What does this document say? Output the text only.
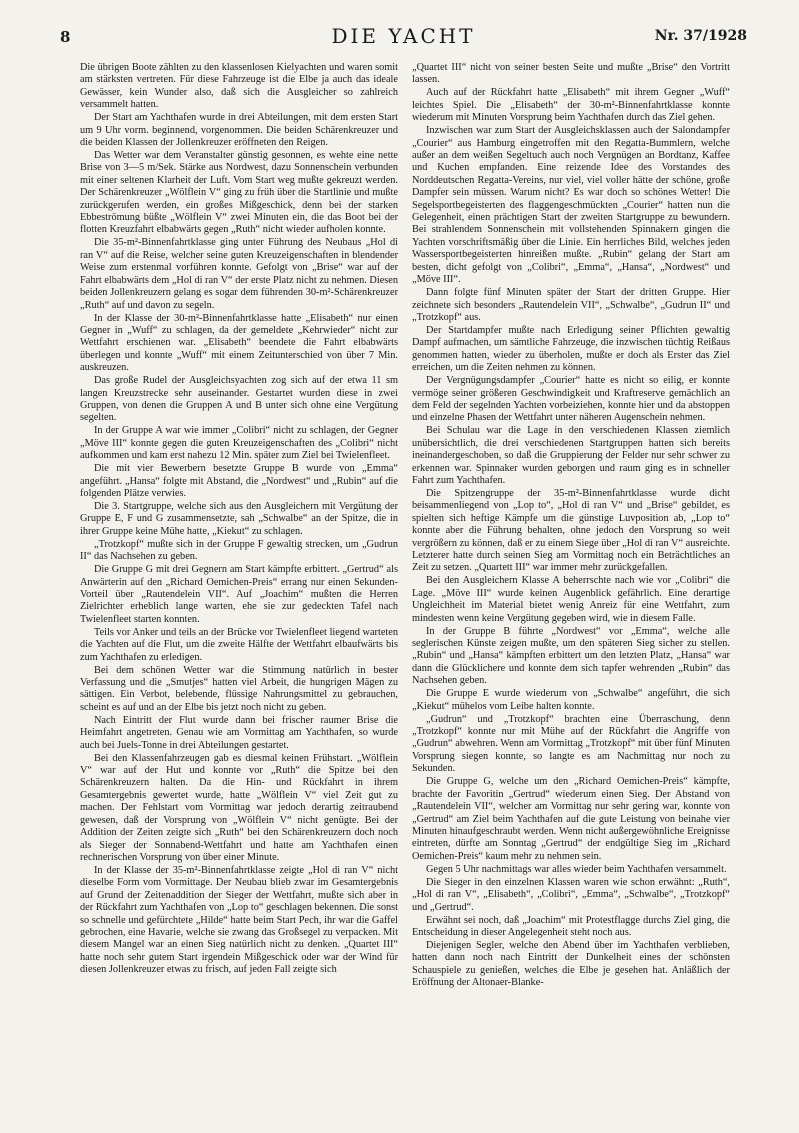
8	DIE YACHT	Nr. 37/1928

Die übrigen Boote zählten zu den klassenlosen Kielyachten und waren somit am stärksten vertreten. Für diese Fahrzeuge ist die Elbe ja auch das ideale Gewässer, kein Wunder also, daß sich die Ausgleicher so zahlreich versammelt hatten.

Der Start am Yachthafen wurde in drei Abteilungen, mit dem ersten Start um 9 Uhr vorm. beginnend, vorgenommen. Die beiden Schärenkreuzer und die beiden Klassen der Jollenkreuzer eröffneten den Reigen.

Das Wetter war dem Veranstalter günstig gesonnen, es wehte eine nette Brise von 3—5 m/Sek. Stärke aus Nordwest, dazu Sonnenschein verbunden mit einer seltenen Klarheit der Luft. Vom Start weg mußte gekreuzt werden. Der Schärenkreuzer „Wölflein V“ ging zu früh über die Startlinie und mußte zurückgerufen werden, ein großes Mißgeschick, denn bei der starken Ebbeströmung büßte „Wölflein V“ zwei Minuten ein, die das Boot bei der flotten Kreuzfahrt elbabwärts gegen „Ruth“ nicht wieder aufholen konnte.

Die 35-m²-Binnenfahrtklasse ging unter Führung des Neubaus „Hol di ran V“ auf die Reise, welcher seine guten Kreuzeigenschaften in blendender Weise zum erstenmal vorführen konnte. Gefolgt von „Brise“ war auf der Fahrt elbabwärts dem „Hol di ran V“ der erste Platz nicht zu nehmen. Diesen beiden Jollenkreuzern gelang es sogar dem führenden 30-m²-Schärenkreuzer „Ruth“ auf und davon zu segeln.

In der Klasse der 30-m²-Binnenfahrtklasse hatte „Elisabeth“ nur einen Gegner in „Wuff“ zu schlagen, da der gemeldete „Kehrwieder“ nicht zur Wettfahrt erschienen war. „Elisabeth“ beendete die Fahrt elbabwärts überlegen und konnte „Wuff“ mit einem Zeitunterschied von über 7 Min. auskreuzen.

Das große Rudel der Ausgleichsyachten zog sich auf der etwa 11 sm langen Kreuzstrecke sehr auseinander. Gestartet wurden diese in zwei Gruppen, von denen die Gruppen A und B unter sich ohne eine Vergütung segelten.

In der Gruppe A war wie immer „Colibri“ nicht zu schlagen, der Gegner „Möve III“ konnte gegen die guten Kreuzeigenschaften des „Colibri“ nicht aufkommen und kam erst nahezu 12 Min. später zum Ziel bei Twielenfleet.

Die mit vier Bewerbern besetzte Gruppe B wurde von „Emma“ angeführt. „Hansa“ folgte mit Abstand, die „Nordwest“ und „Rubin“ auf die folgenden Plätze verwies.

Die 3. Startgruppe, welche sich aus den Ausgleichern mit Vergütung der Gruppe E, F und G zusammensetzte, sah „Schwalbe“ an der Spitze, die in ihrer Gruppe keine Mühe hatte, „Kiekut“ zu schlagen.

„Trotzkopf“ mußte sich in der Gruppe F gewaltig strecken, um „Gudrun II“ das Nachsehen zu geben.

Die Gruppe G mit drei Gegnern am Start kämpfte erbittert. „Gertrud“ als Anwärterin auf den „Richard Oemichen-Preis“ errang nur einen Sekunden-Vorteil über „Rautendelein VII“. Auf „Joachim“ mußten die Herren Zielrichter erheblich lange warten, ehe sie zur gedeckten Tafel nach Twielenfleet starten konnten.

Teils vor Anker und teils an der Brücke vor Twielenfleet liegend warteten die Yachten auf die Flut, um die zweite Hälfte der Wettfahrt elbaufwärts bis zum Yachthafen zu erledigen.

Bei dem schönen Wetter war die Stimmung natürlich in bester Verfassung und die „Smutjes“ hatten viel Arbeit, die hungrigen Mägen zu sättigen. Ein Verbot, belebende, flüssige Nahrungsmittel zu gebrauchen, scheint es auf und an der Elbe bis jetzt noch nicht zu geben.

Nach Eintritt der Flut wurde dann bei frischer raumer Brise die Heimfahrt angetreten. Genau wie am Vormittag am Yachthafen, so wurde auch bei Juels-Tonne in drei Abteilungen gestartet.

Bei den Klassenfahrzeugen gab es diesmal keinen Frühstart. „Wölflein V“ war auf der Hut und konnte vor „Ruth“ die Spitze bei den Schärenkreuzern halten. Da die Hin- und Rückfahrt in ihrem Gesamtergebnis gewertet wurde, hatte „Wölflein V“ viel Zeit gut zu machen. Der Fehlstart vom Vormittag war jedoch derartig zeitraubend gewesen, daß der Vorsprung von „Wölflein V“ nicht genügte. Bei der Addition der Zeiten zeigte sich „Ruth“ bei den Schärenkreuzern doch noch als Sieger der Sonnabend-Wettfahrt und hatte am Yachthafen einen rechnerischen Vorsprung von über einer Minute.

In der Klasse der 35-m²-Binnenfahrtklasse zeigte „Hol di ran V“ nicht dieselbe Form vom Vormittage. Der Neubau blieb zwar im Gesamtergebnis auf Grund der Zeitenaddition der Sieger der Wettfahrt, mußte sich aber in der Rückfahrt zum Yachthafen von „Lop to“ geschlagen bekennen. Die sonst so schnelle und gefürchtete „Hilde“ hatte beim Start Pech, ihr war die Gaffel gebrochen, eine Havarie, welche sie zwang das Großsegel zu verpacken. Mit diesem Mangel war an einen Sieg natürlich nicht zu denken. „Quartet III“ hatte noch sehr gutem Start irgendein Mißgeschick oder war der Wind für diesen Jollenkreuzer etwas zu frisch, auf jeden Fall zeigte sich

„Quartet III“ nicht von seiner besten Seite und mußte „Brise“ den Vortritt lassen.

Auch auf der Rückfahrt hatte „Elisabeth“ mit ihrem Gegner „Wuff“ leichtes Spiel. Die „Elisabeth“ der 30-m²-Binnenfahrtklasse konnte wiederum mit Minuten Vorsprung beim Yachthafen durch das Ziel gehen.

Inzwischen war zum Start der Ausgleichsklassen auch der Salondampfer „Courier“ aus Hamburg eingetroffen mit den Regatta-Bummlern, welche außer an dem weißen Segeltuch auch noch Vergnügen an Bordtanz, Kaffee und Kuchen empfanden. Eine reizende Idee des Vorstandes des Norddeutschen Regatta-Vereins, nur viel, viel voller hätte der schöne, große Dampfer sein müssen. Warum nicht? Es war doch so schönes Wetter! Die Segelsportbegeisterten des flaggengeschmückten „Courier“ hatten nun die Gelegenheit, einen prächtigen Start der zweiten Startgruppe zu bewundern. Bei strahlendem Sonnenschein mit vollstehenden Spinnakern gingen die Yachten vorschriftsmäßig über die Linie. Ein herrliches Bild, welches jeden Wassersportbegeisterten hinreißen mußte. „Rubin“ gelang der Start am besten, dicht gefolgt von „Colibri“, „Emma“, „Hansa“, „Nordwest“ und „Möve III“.

Dann folgte fünf Minuten später der Start der dritten Gruppe. Hier zeichnete sich besonders „Rautendelein VII“, „Schwalbe“, „Gudrun II“ und „Trotzkopf“ aus.

Der Startdampfer mußte nach Erledigung seiner Pflichten gewaltig Dampf aufmachen, um sämtliche Fahrzeuge, die inzwischen tüchtig Reißaus genommen hatten, wieder zu überholen, mußte er doch als Erster das Ziel erreichen, um die Zeiten nehmen zu können.

Der Vergnügungsdampfer „Courier“ hatte es nicht so eilig, er konnte vermöge seiner größeren Geschwindigkeit und Kraftreserve gemächlich an dem Feld der segelnden Yachten vorbeiziehen, konnte hier und da abstoppen und einzelne Phasen der Wettfahrt unter näheren Augenschein nehmen.

Bei Schulau war die Lage in den verschiedenen Klassen ziemlich unübersichtlich, die drei verschiedenen Startgruppen hatten sich bereits ineinandergeschoben, so daß die Gruppierung der Felder nur sehr schwer zu erkennen war. Spinnaker wurden geborgen und raum ging es in schneller Fahrt zum Yachthafen.

Die Spitzengruppe der 35-m²-Binnenfahrtklasse wurde dicht beisammenliegend von „Lop to“, „Hol di ran V“ und „Brise“ gebildet, es spielten sich heftige Kämpfe um die günstige Luvposition ab, „Lop to“ konnte aber die Führung behalten, ohne jedoch den Vorsprung so weit vergrößern zu können, daß er zu einem Siege über „Hol di ran V“ ausreichte. Letzterer hatte durch seinen Sieg am Vormittag noch ein Beträchtliches an Zeit zu setzen. „Quartett III“ war immer mehr zurückgefallen.

Bei den Ausgleichern Klasse A beherrschte nach wie vor „Colibri“ die Lage. „Möve III“ wurde keinen Augenblick gefährlich. Eine derartige Ungleichheit im Material bietet wenig Anreiz für eine Wettfahrt, zum mindesten wenn keine Vergütung gegeben wird, wie in diesem Falle.

In der Gruppe B führte „Nordwest“ vor „Emma“, welche alle seglerischen Künste zeigen mußte, um den späteren Sieg sicher zu stellen. „Rubin“ und „Hansa“ kämpften erbittert um den letzten Platz, „Hansa“ war dann die Glücklichere und konnte dem sich tapfer wehrenden „Rubin“ das Nachsehen geben.

Die Gruppe E wurde wiederum von „Schwalbe“ angeführt, die sich „Kiekut“ mühelos vom Leibe halten konnte.

„Gudrun“ und „Trotzkopf“ brachten eine Überraschung, denn „Trotzkopf“ konnte nur mit Mühe auf der Rückfahrt die Angriffe von „Gudrun“ abwehren. Wenn am Vormittag „Trotzkopf“ mit über fünf Minuten Vorsprung siegen konnte, so langte es am Nachmittag nur noch zu Sekunden.

Die Gruppe G, welche um den „Richard Oemichen-Preis“ kämpfte, brachte der Favoritin „Gertrud“ wiederum einen Sieg. Der Abstand von „Rautendelein VII“, welcher am Vormittag nur sehr gering war, konnte von „Gertrud“ am Ziel beim Yachthafen auf die gute Leistung von beinahe vier Minuten hinaufgeschraubt werden. Wenn nicht außergewöhnliche Ereignisse eintreten, dürfte am Sonntag „Gertrud“ der endgültige Sieg im „Richard Oemichen-Preis“ kaum mehr zu nehmen sein.

Gegen 5 Uhr nachmittags war alles wieder beim Yachthafen versammelt.

Die Sieger in den einzelnen Klassen waren wie schon erwähnt: „Ruth“, „Hol di ran V“, „Elisabeth“, „Colibri“, „Emma“, „Schwalbe“, „Trotzkopf“ und „Gertrud“.

Erwähnt sei noch, daß „Joachim“ mit Protestflagge durchs Ziel ging, die Entscheidung in dieser Angelegenheit steht noch aus.

Diejenigen Segler, welche den Abend über im Yachthafen verblieben, hatten dann noch nach Eintritt der Dunkelheit eines der schönsten Schauspiele zu genießen, welches die Elbe je gesehen hat. Anläßlich der Eröffnung der Altonaer-Blanke-
